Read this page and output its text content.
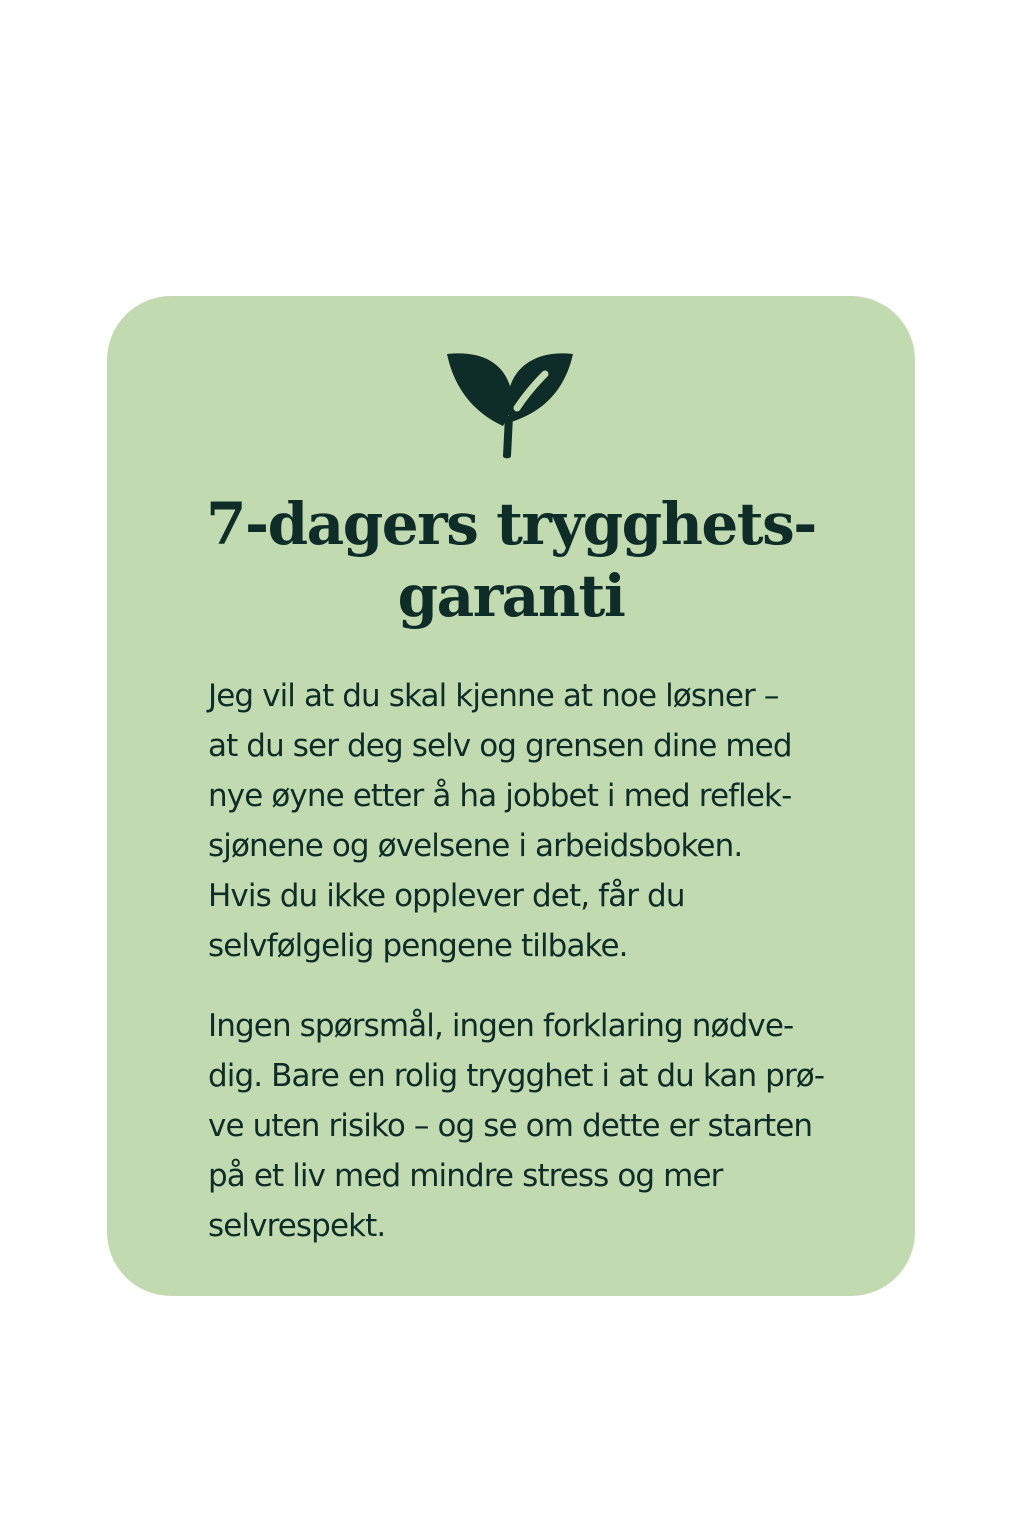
7-dagers trygghets-
garanti

Jeg vil at du skal kjenne at noe løsner –
at du ser deg selv og grensen dine med
nye øyne etter å ha jobbet i med reflek-
sjønene og øvelsene i arbeidsboken.
Hvis du ikke opplever det, får du
selvfølgelig pengene tilbake.

Ingen spørsmål, ingen forklaring nødve-
dig. Bare en rolig trygghet i at du kan prø-
ve uten risiko – og se om dette er starten
på et liv med mindre stress og mer
selvrespekt.
